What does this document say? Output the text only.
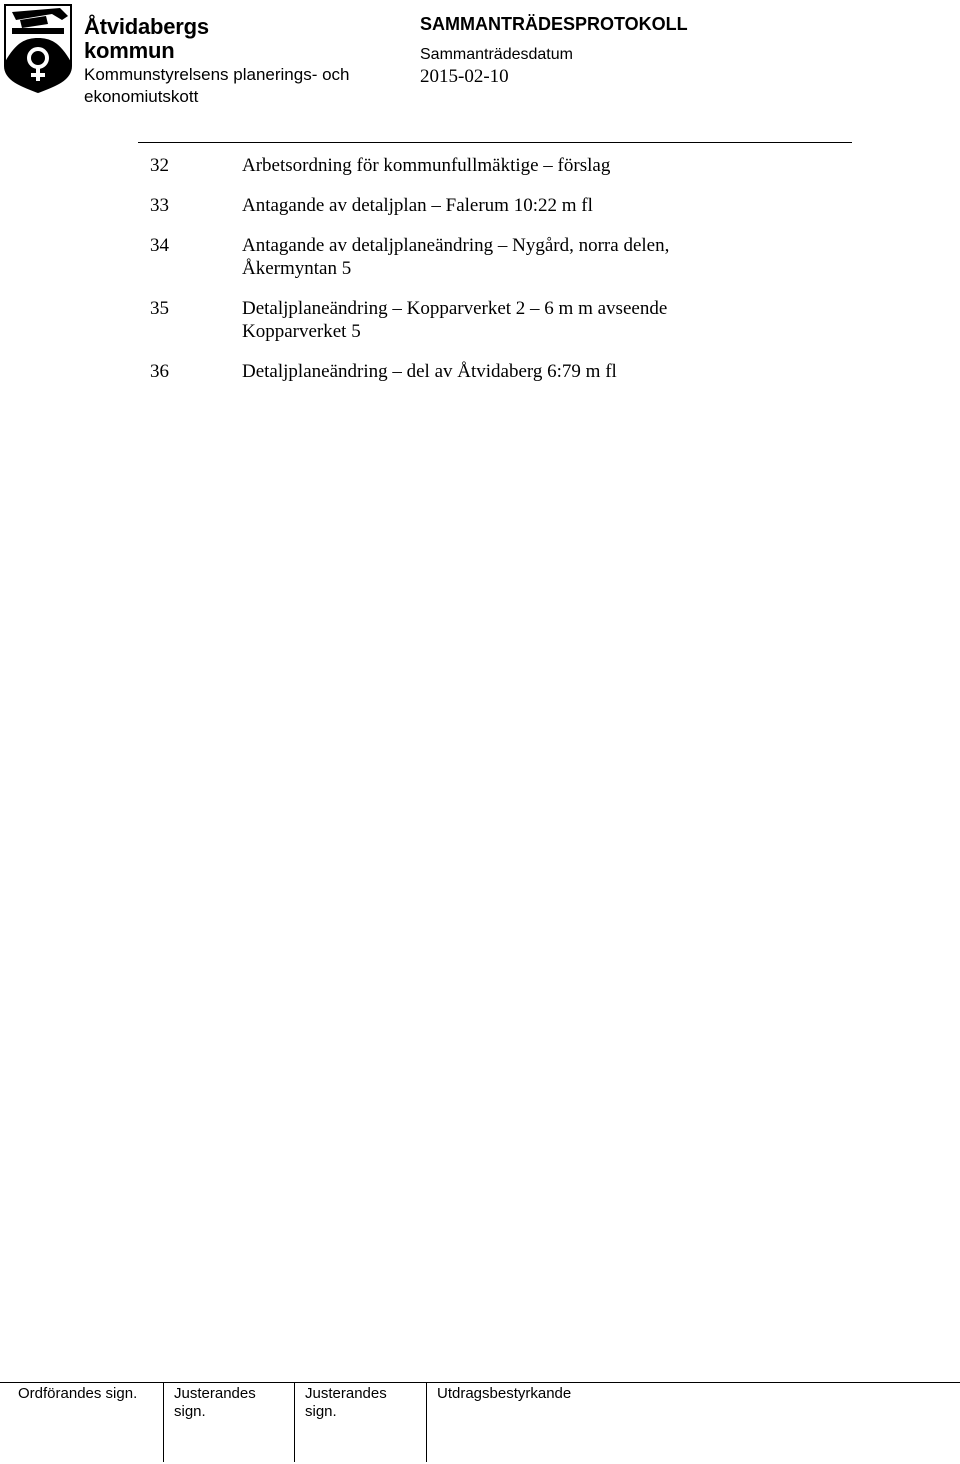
Åtvidabergs
kommun
Kommunstyrelsens planerings- och
ekonomiutskott
SAMMANTRÄDESPROTOKOLL
Sammanträdesdatum
2015-02-10
32	Arbetsordning för kommunfullmäktige – förslag
33	Antagande av detaljplan – Falerum 10:22 m fl
34	Antagande av detaljplaneändring – Nygård, norra delen,
Åkermyntan 5
35	Detaljplaneändring – Kopparverket 2 – 6 m m avseende
Kopparverket 5
36	Detaljplaneändring – del av Åtvidaberg 6:79 m fl
Ordförandes sign.	Justerandes
sign.
Justerandes
sign.
Utdragsbestyrkande
